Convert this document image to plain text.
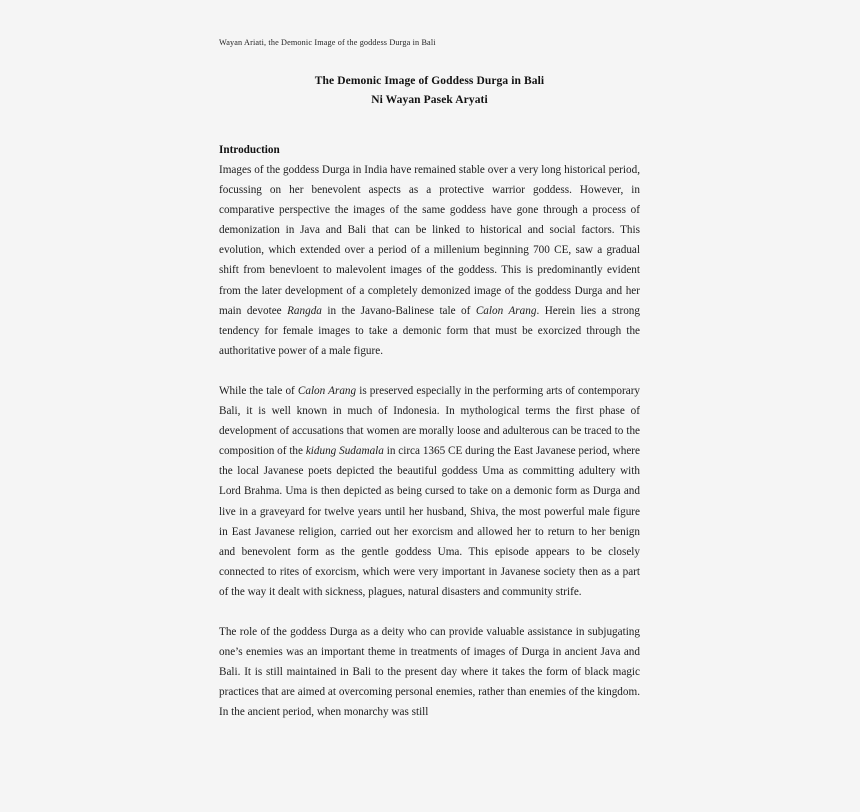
Wayan Ariati, the Demonic Image of the goddess Durga in Bali
The Demonic Image of Goddess Durga in Bali
Ni Wayan Pasek Aryati
Introduction

Images of the goddess Durga in India have remained stable over a very long historical period, focussing on her benevolent aspects as a protective warrior goddess. However, in comparative perspective the images of the same goddess have gone through a process of demonization in Java and Bali that can be linked to historical and social factors. This evolution, which extended over a period of a millenium beginning 700 CE, saw a gradual shift from benevloent to malevolent images of the goddess. This is predominantly evident from the later development of a completely demonized image of the goddess Durga and her main devotee Rangda in the Javano-Balinese tale of Calon Arang. Herein lies a strong tendency for female images to take a demonic form that must be exorcized through the authoritative power of a male figure.

While the tale of Calon Arang is preserved especially in the performing arts of contemporary Bali, it is well known in much of Indonesia. In mythological terms the first phase of development of accusations that women are morally loose and adulterous can be traced to the composition of the kidung Sudamala in circa 1365 CE during the East Javanese period, where the local Javanese poets depicted the beautiful goddess Uma as committing adultery with Lord Brahma. Uma is then depicted as being cursed to take on a demonic form as Durga and live in a graveyard for twelve years until her husband, Shiva, the most powerful male figure in East Javanese religion, carried out her exorcism and allowed her to return to her benign and benevolent form as the gentle goddess Uma. This episode appears to be closely connected to rites of exorcism, which were very important in Javanese society then as a part of the way it dealt with sickness, plagues, natural disasters and community strife.

The role of the goddess Durga as a deity who can provide valuable assistance in subjugating one’s enemies was an important theme in treatments of images of Durga in ancient Java and Bali. It is still maintained in Bali to the present day where it takes the form of black magic practices that are aimed at overcoming personal enemies, rather than enemies of the kingdom. In the ancient period, when monarchy was still
